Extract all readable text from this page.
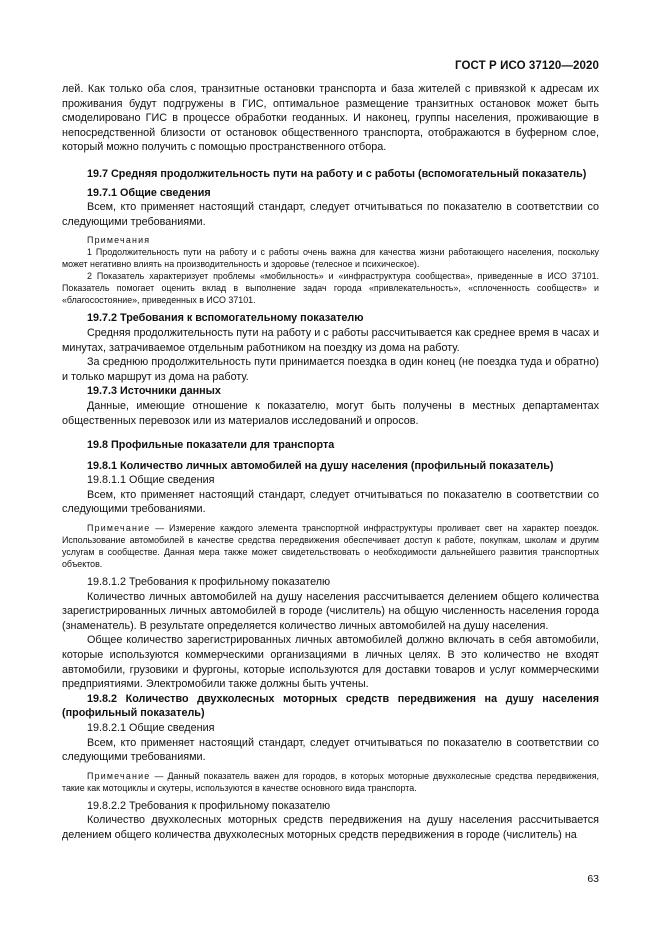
ГОСТ Р ИСО 37120—2020

лей. Как только оба слоя, транзитные остановки транспорта и база жителей с привязкой к адресам их проживания будут подгружены в ГИС, оптимальное размещение транзитных остановок может быть смоделировано ГИС в процессе обработки геоданных. И наконец, группы населения, проживающие в непосредственной близости от остановок общественного транспорта, отображаются в буферном слое, который можно получить с помощью пространственного отбора.

19.7 Средняя продолжительность пути на работу и с работы (вспомогательный показатель)

19.7.1 Общие сведения

Всем, кто применяет настоящий стандарт, следует отчитываться по показателю в соответствии со следующими требованиями.

Примечания

1 Продолжительность пути на работу и с работы очень важна для качества жизни работающего населения, поскольку может негативно влиять на производительность и здоровье (телесное и психическое).

2 Показатель характеризует проблемы «мобильность» и «инфраструктура сообщества», приведенные в ИСО 37101. Показатель помогает оценить вклад в выполнение задач города «привлекательность», «сплоченность сообществ» и «благосостояние», приведенных в ИСО 37101.

19.7.2 Требования к вспомогательному показателю

Средняя продолжительность пути на работу и с работы рассчитывается как среднее время в часах и минутах, затрачиваемое отдельным работником на поездку из дома на работу.

За среднюю продолжительность пути принимается поездка в один конец (не поездка туда и обратно) и только маршрут из дома на работу.

19.7.3 Источники данных

Данные, имеющие отношение к показателю, могут быть получены в местных департаментах общественных перевозок или из материалов исследований и опросов.

19.8 Профильные показатели для транспорта

19.8.1 Количество личных автомобилей на душу населения (профильный показатель)

19.8.1.1 Общие сведения

Всем, кто применяет настоящий стандарт, следует отчитываться по показателю в соответствии со следующими требованиями.

Примечание — Измерение каждого элемента транспортной инфраструктуры проливает свет на характер поездок. Использование автомобилей в качестве средства передвижения обеспечивает доступ к работе, покупкам, школам и другим услугам в сообществе. Данная мера также может свидетельствовать о необходимости дальнейшего развития транспортных объектов.

19.8.1.2 Требования к профильному показателю

Количество личных автомобилей на душу населения рассчитывается делением общего количества зарегистрированных личных автомобилей в городе (числитель) на общую численность населения города (знаменатель). В результате определяется количество личных автомобилей на душу населения.

Общее количество зарегистрированных личных автомобилей должно включать в себя автомобили, которые используются коммерческими организациями в личных целях. В это количество не входят автомобили, грузовики и фургоны, которые используются для доставки товаров и услуг коммерческими предприятиями. Электромобили также должны быть учтены.

19.8.2 Количество двухколесных моторных средств передвижения на душу населения (профильный показатель)

19.8.2.1 Общие сведения

Всем, кто применяет настоящий стандарт, следует отчитываться по показателю в соответствии со следующими требованиями.

Примечание — Данный показатель важен для городов, в которых моторные двухколесные средства передвижения, такие как мотоциклы и скутеры, используются в качестве основного вида транспорта.

19.8.2.2 Требования к профильному показателю

Количество двухколесных моторных средств передвижения на душу населения рассчитывается делением общего количества двухколесных моторных средств передвижения в городе (числитель) на

63
